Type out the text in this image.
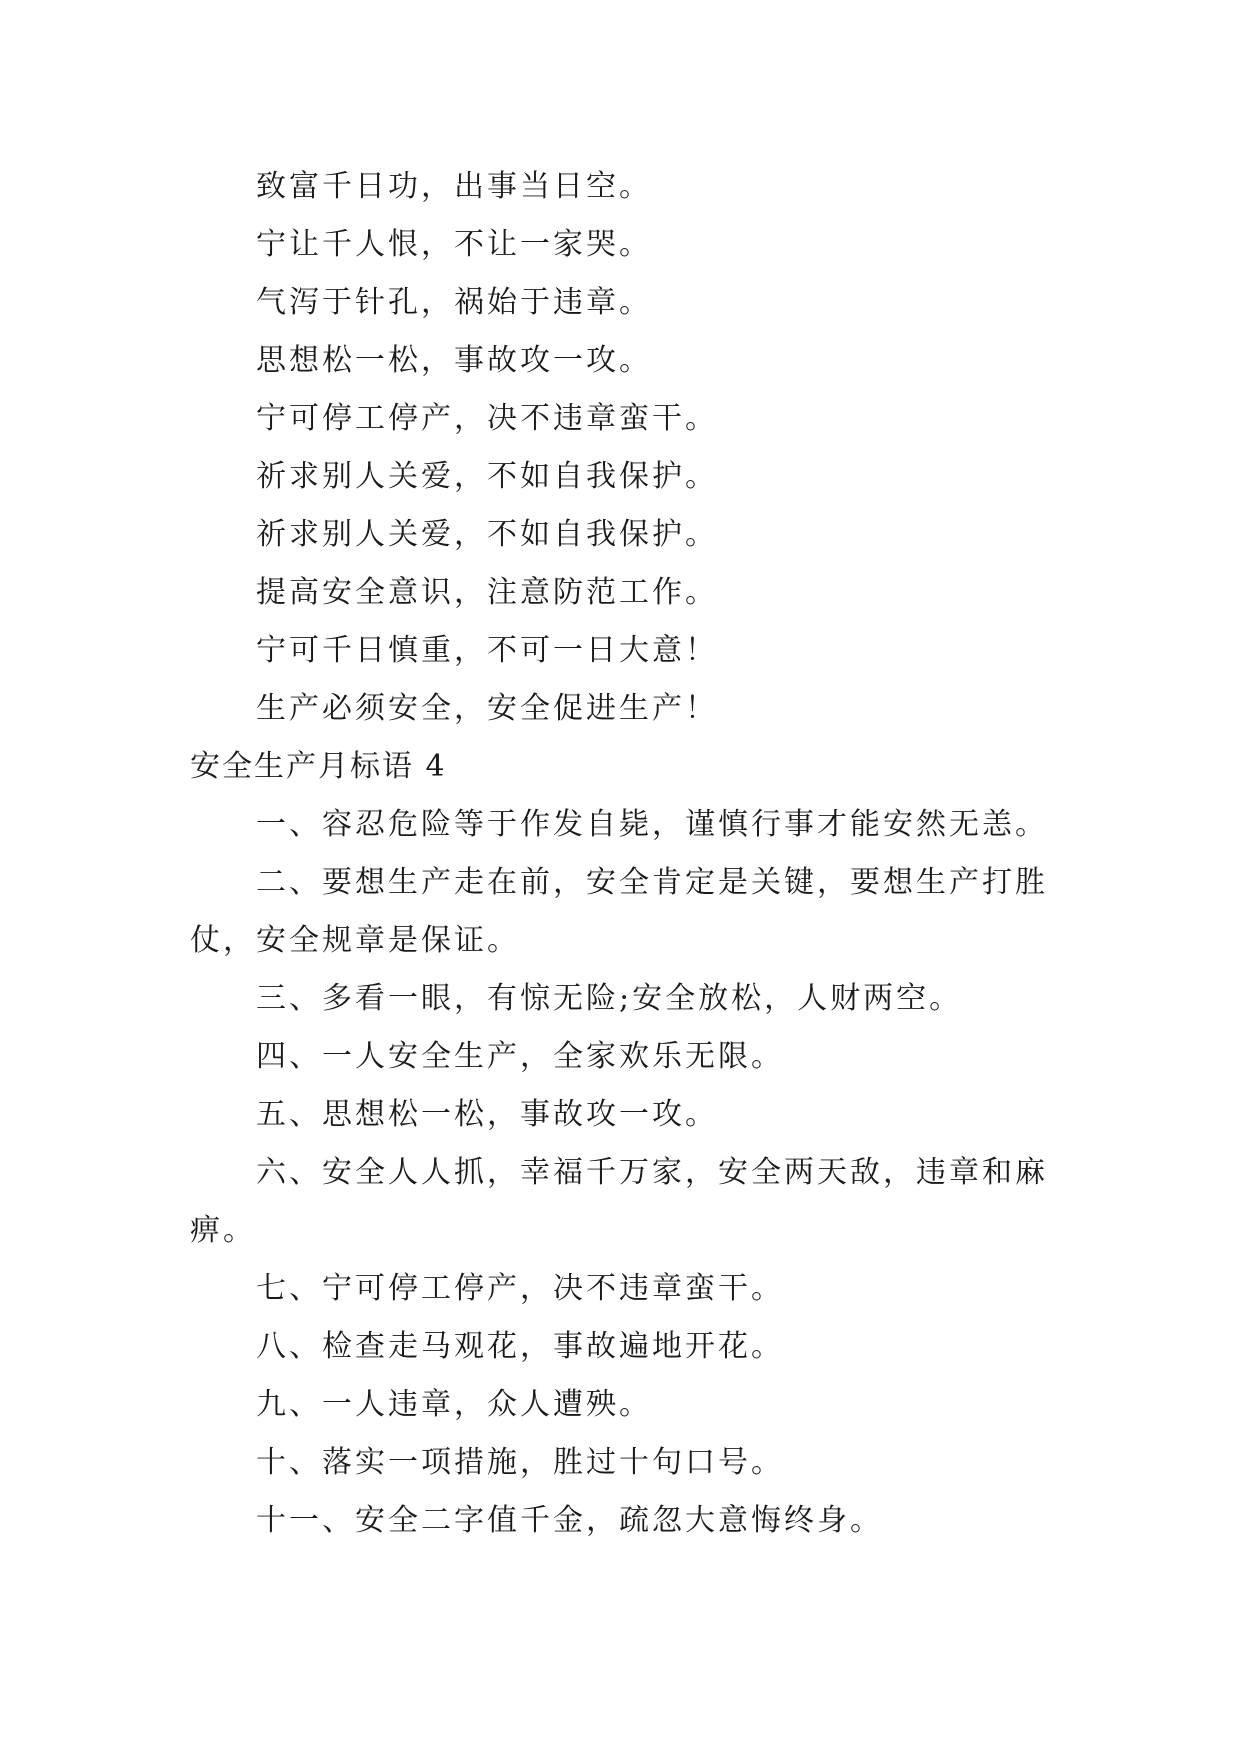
致富千日功，出事当日空。

宁让千人恨，不让一家哭。

气泻于针孔，祸始于违章。

思想松一松，事故攻一攻。

宁可停工停产，决不违章蛮干。

祈求别人关爱，不如自我保护。

祈求别人关爱，不如自我保护。

提高安全意识，注意防范工作。

宁可千日慎重，不可一日大意！

生产必须安全，安全促进生产！

安全生产月标语 4

一、容忍危险等于作发自毙，谨慎行事才能安然无恙。

二、要想生产走在前，安全肯定是关键，要想生产打胜
仗，安全规章是保证。

三、多看一眼，有惊无险;安全放松，人财两空。

四、一人安全生产，全家欢乐无限。

五、思想松一松，事故攻一攻。

六、安全人人抓，幸福千万家，安全两天敌，违章和麻
痹。

七、宁可停工停产，决不违章蛮干。

八、检查走马观花，事故遍地开花。

九、一人违章，众人遭殃。

十、落实一项措施，胜过十句口号。

十一、安全二字值千金，疏忽大意悔终身。
